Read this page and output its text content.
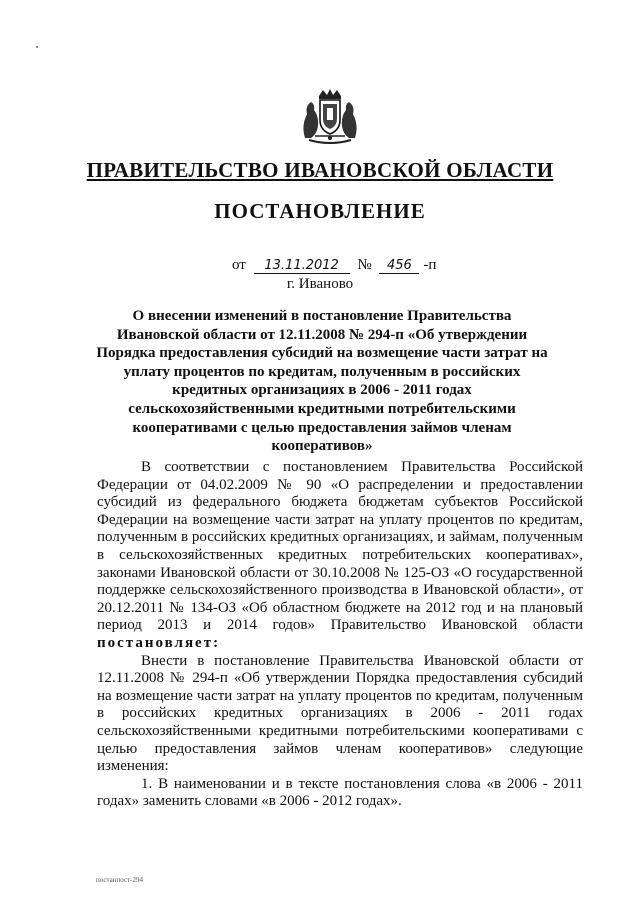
ПРАВИТЕЛЬСТВО ИВАНОВСКОЙ ОБЛАСТИ
ПОСТАНОВЛЕНИЕ
от 13.11.2012 № 456 -п
г. Иваново
О внесении изменений в постановление Правительства Ивановской области от 12.11.2008 № 294-п «Об утверждении Порядка предоставления субсидий на возмещение части затрат на уплату процентов по кредитам, полученным в российских кредитных организациях в 2006 - 2011 годах сельскохозяйственными кредитными потребительскими кооперативами с целью предоставления займов членам кооперативов»

В соответствии с постановлением Правительства Российской Федерации от 04.02.2009 № 90 «О распределении и предоставлении субсидий из федерального бюджета бюджетам субъектов Российской Федерации на возмещение части затрат на уплату процентов по кредитам, полученным в российских кредитных организациях, и займам, полученным в сельскохозяйственных кредитных потребительских кооперативах», законами Ивановской области от 30.10.2008 № 125-ОЗ «О государственной поддержке сельскохозяйственного производства в Ивановской области», от 20.12.2011 № 134-ОЗ «Об областном бюджете на 2012 год и на плановый период 2013 и 2014 годов» Правительство Ивановской области постановляет:

Внести в постановление Правительства Ивановской области от 12.11.2008 № 294-п «Об утверждении Порядка предоставления субсидий на возмещение части затрат на уплату процентов по кредитам, полученным в российских кредитных организациях в 2006 - 2011 годах сельскохозяйственными кредитными потребительскими кооперативами с целью предоставления займов членам кооперативов» следующие изменения:

1. В наименовании и в тексте постановления слова «в 2006 - 2011 годах» заменить словами «в 2006 - 2012 годах».

постанпост-294
